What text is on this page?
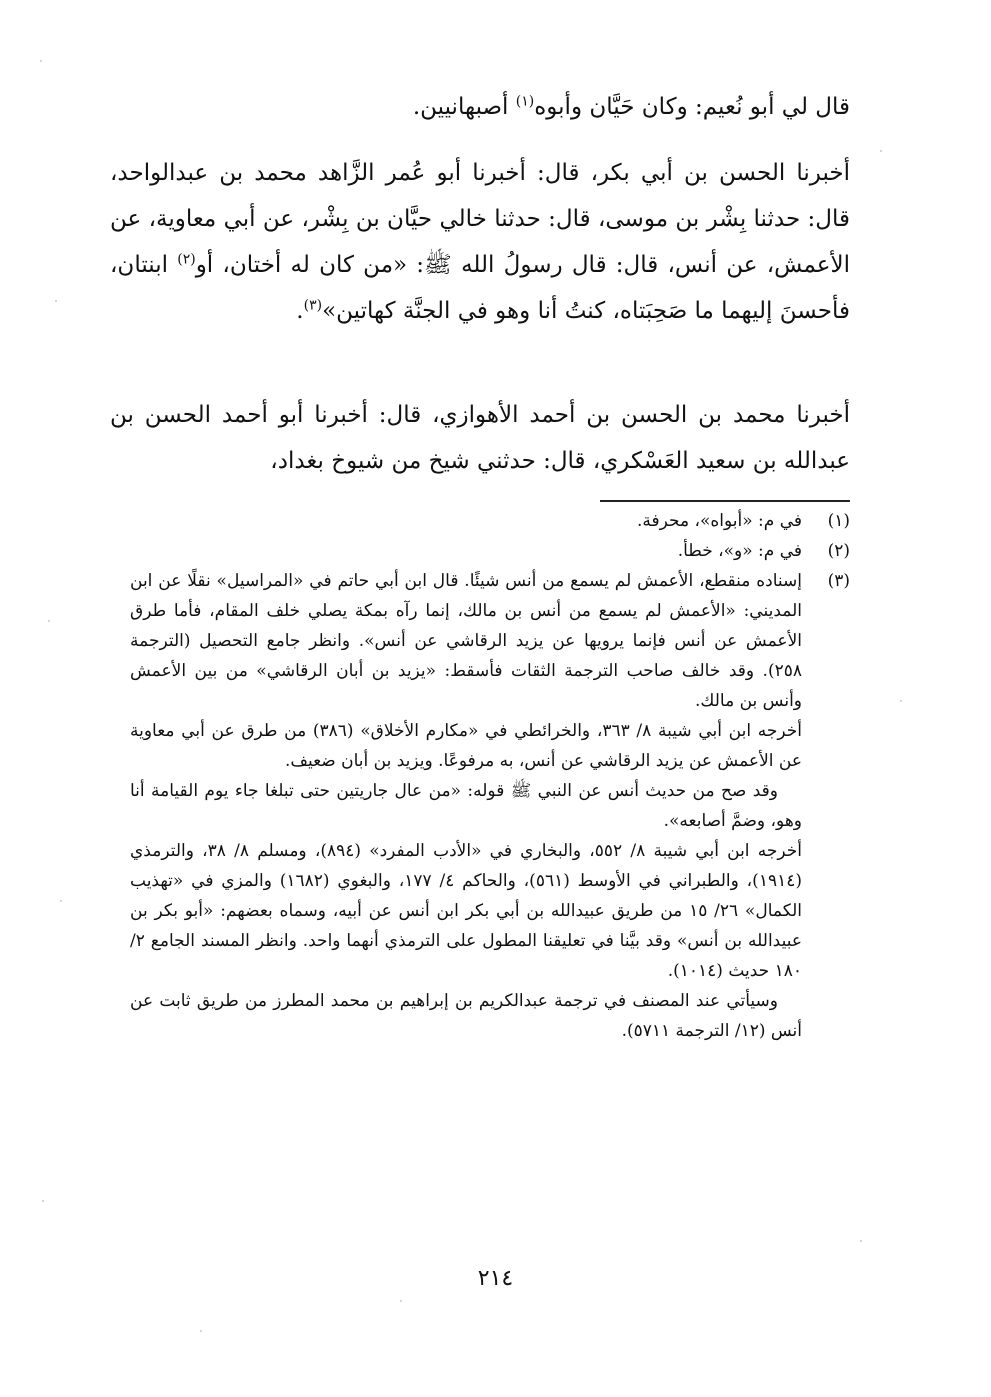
قال لي أبو نُعيم: وكان حَيَّان وأبوه$^{(١)}$ أصبهانيين.

أخبرنا الحسن بن أبي بكر، قال: أخبرنا أبو عُمر الزَّاهد محمد بن عبدالواحد، قال: حدثنا بِشْر بن موسى، قال: حدثنا خالي حيَّان بن بِشْر، عن أبي معاوية، عن الأعمش، عن أنس، قال: قال رسولُ الله ﷺ: «من كان له أختان، أو$^{(٢)}$ ابنتان، فأحسنَ إليهما ما صَحِبَتاه، كنتُ أنا وهو في الجنَّة كهاتين»$^{(٣)}$.

أخبرنا محمد بن الحسن بن أحمد الأهوازي، قال: أخبرنا أبو أحمد الحسن بن عبدالله بن سعيد العَسْكري، قال: حدثني شيخ من شيوخ بغداد،

(١)
في م: «أبواه»، محرفة.
(٢)
في م: «و»، خطأ.
(٣)
إسناده منقطع، الأعمش لم يسمع من أنس شيئًا. قال ابن أبي حاتم في «المراسيل» نقلًا عن ابن المديني: «الأعمش لم يسمع من أنس بن مالك، إنما رآه بمكة يصلي خلف المقام، فأما طرق الأعمش عن أنس فإنما يرويها عن يزيد الرقاشي عن أنس». وانظر جامع التحصيل (الترجمة ٢٥٨). وقد خالف صاحب الترجمة الثقات فأسقط: «يزيد بن أبان الرقاشي» من بين الأعمش وأنس بن مالك.

أخرجه ابن أبي شيبة ٨/ ٣٦٣، والخرائطي في «مكارم الأخلاق» (٣٨٦) من طرق عن أبي معاوية عن الأعمش عن يزيد الرقاشي عن أنس، به مرفوعًا. ويزيد بن أبان ضعيف.

وقد صح من حديث أنس عن النبي ﷺ قوله: «من عال جاريتين حتى تبلغا جاء يوم القيامة أنا وهو، وضمَّ أصابعه».

أخرجه ابن أبي شيبة ٨/ ٥٥٢، والبخاري في «الأدب المفرد» (٨٩٤)، ومسلم ٨/ ٣٨، والترمذي (١٩١٤)، والطبراني في الأوسط (٥٦١)، والحاكم ٤/ ١٧٧، والبغوي (١٦٨٢) والمزي في «تهذيب الكمال» ٢٦/ ١٥ من طريق عبيدالله بن أبي بكر ابن أنس عن أبيه، وسماه بعضهم: «أبو بكر بن عبيدالله بن أنس» وقد بيَّنا في تعليقنا المطول على الترمذي أنهما واحد. وانظر المسند الجامع ٢/ ١٨٠ حديث (١٠١٤).

وسيأتي عند المصنف في ترجمة عبدالكريم بن إبراهيم بن محمد المطرز من طريق ثابت عن أنس (١٢/ الترجمة ٥٧١١).

٢١٤
